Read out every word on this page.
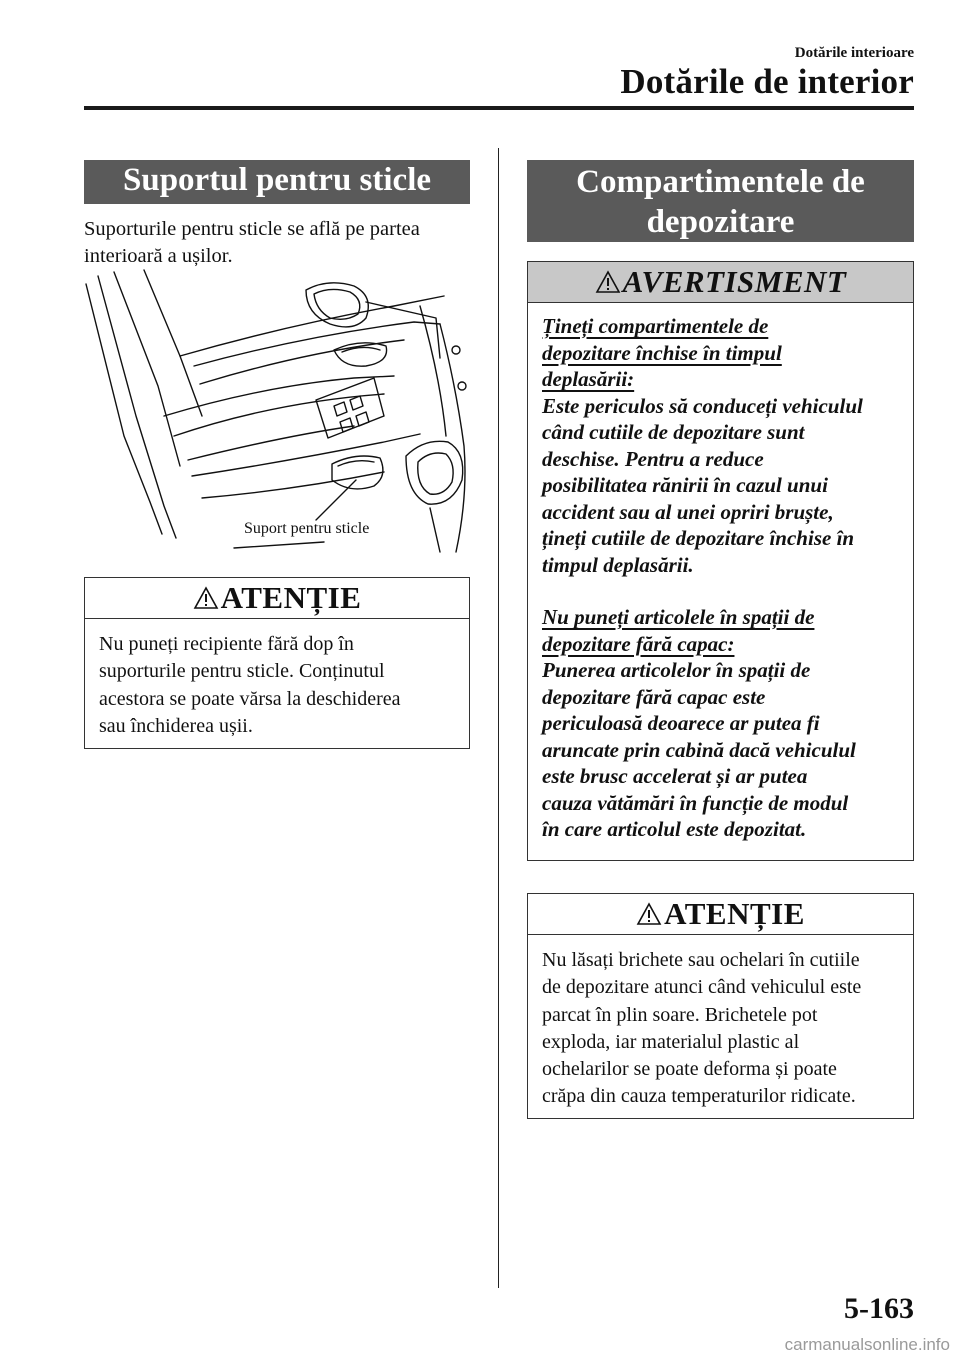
Dotările interioare
Dotările de interior
Suportul pentru sticle
Suporturile pentru sticle se află pe partea
interioară a ușilor.
Suport pentru sticle
ATENȚIE
Nu puneți recipiente fără dop în
suporturile pentru sticle. Conținutul
acestora se poate vărsa la deschiderea
sau închiderea ușii.
Compartimentele de
depozitare
AVERTISMENT
Țineți compartimentele de
depozitare închise în timpul
deplasării:
Este periculos să conduceți vehiculul
când cutiile de depozitare sunt
deschise. Pentru a reduce
posibilitatea rănirii în cazul unui
accident sau al unei opriri bruște,
țineți cutiile de depozitare închise în
timpul deplasării.
Nu puneți articolele în spații de
depozitare fără capac:
Punerea articolelor în spații de
depozitare fără capac este
periculoasă deoarece ar putea fi
aruncate prin cabină dacă vehiculul
este brusc accelerat și ar putea
cauza vătămări în funcție de modul
în care articolul este depozitat.
ATENȚIE
Nu lăsați brichete sau ochelari în cutiile
de depozitare atunci când vehiculul este
parcat în plin soare. Brichetele pot
exploda, iar materialul plastic al
ochelarilor se poate deforma și poate
crăpa din cauza temperaturilor ridicate.
5-163
carmanualsonline.info
